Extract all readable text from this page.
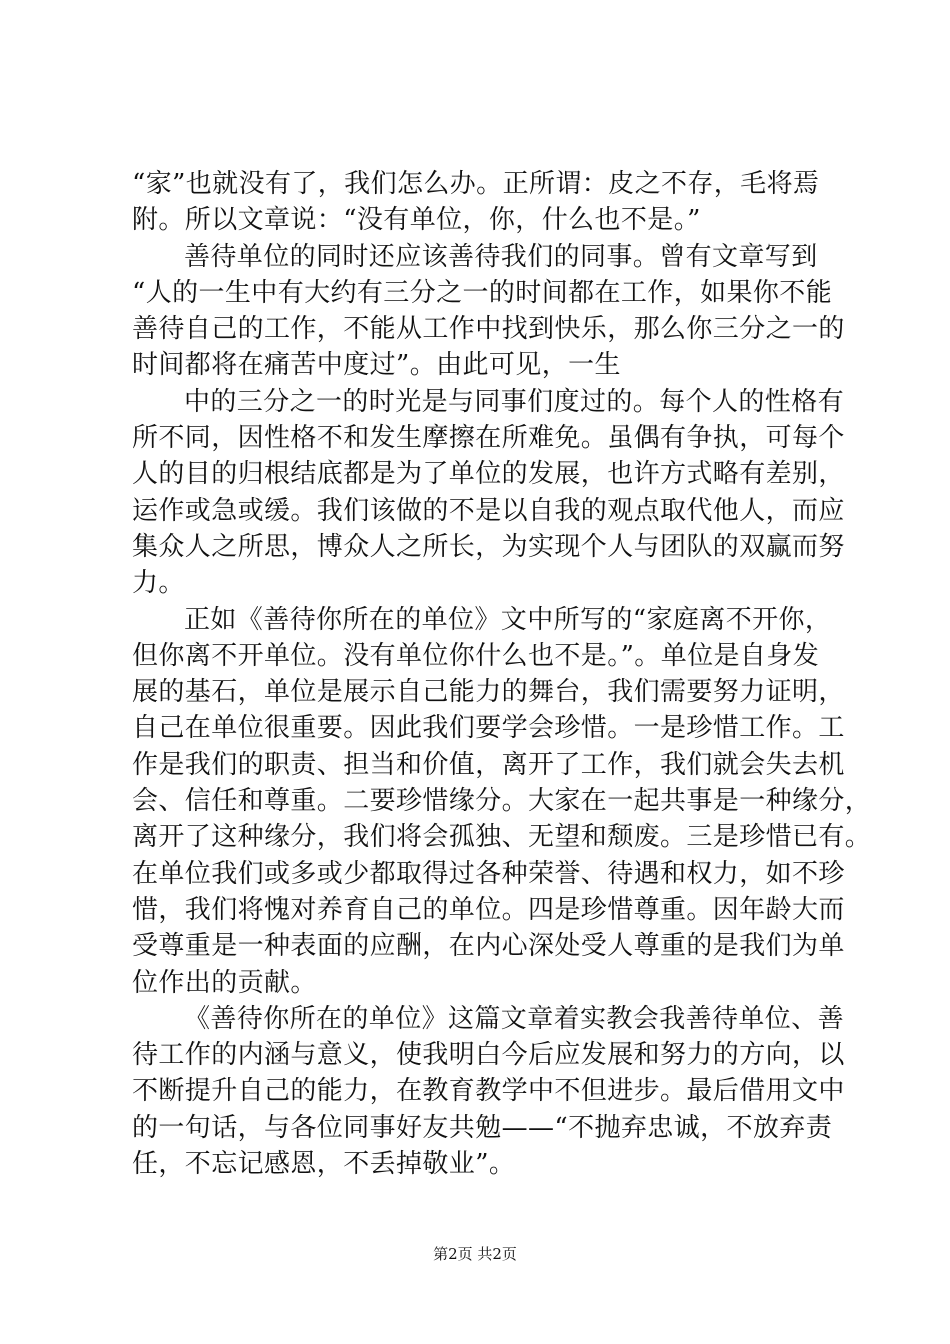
“家”也就没有了，我们怎么办。正所谓：皮之不存，毛将焉
附。所以文章说：“没有单位，你，什么也不是。”
善待单位的同时还应该善待我们的同事。曾有文章写到
“人的一生中有大约有三分之一的时间都在工作，如果你不能
善待自己的工作，不能从工作中找到快乐，那么你三分之一的
时间都将在痛苦中度过”。由此可见，一生
中的三分之一的时光是与同事们度过的。每个人的性格有
所不同，因性格不和发生摩擦在所难免。虽偶有争执，可每个
人的目的归根结底都是为了单位的发展，也许方式略有差别，
运作或急或缓。我们该做的不是以自我的观点取代他人，而应
集众人之所思，博众人之所长，为实现个人与团队的双赢而努
力。
正如《善待你所在的单位》文中所写的“家庭离不开你，
但你离不开单位。没有单位你什么也不是。”。单位是自身发
展的基石，单位是展示自己能力的舞台，我们需要努力证明，
自己在单位很重要。因此我们要学会珍惜。一是珍惜工作。工
作是我们的职责、担当和价值，离开了工作，我们就会失去机
会、信任和尊重。二要珍惜缘分。大家在一起共事是一种缘分，
离开了这种缘分，我们将会孤独、无望和颓废。三是珍惜已有。
在单位我们或多或少都取得过各种荣誉、待遇和权力，如不珍
惜，我们将愧对养育自己的单位。四是珍惜尊重。因年龄大而
受尊重是一种表面的应酬，在内心深处受人尊重的是我们为单
位作出的贡献。
《善待你所在的单位》这篇文章着实教会我善待单位、善
待工作的内涵与意义，使我明白今后应发展和努力的方向，以
不断提升自己的能力，在教育教学中不但进步。最后借用文中
的一句话，与各位同事好友共勉——“不抛弃忠诚，不放弃责
任，不忘记感恩，不丢掉敬业”。
第2页 共2页
